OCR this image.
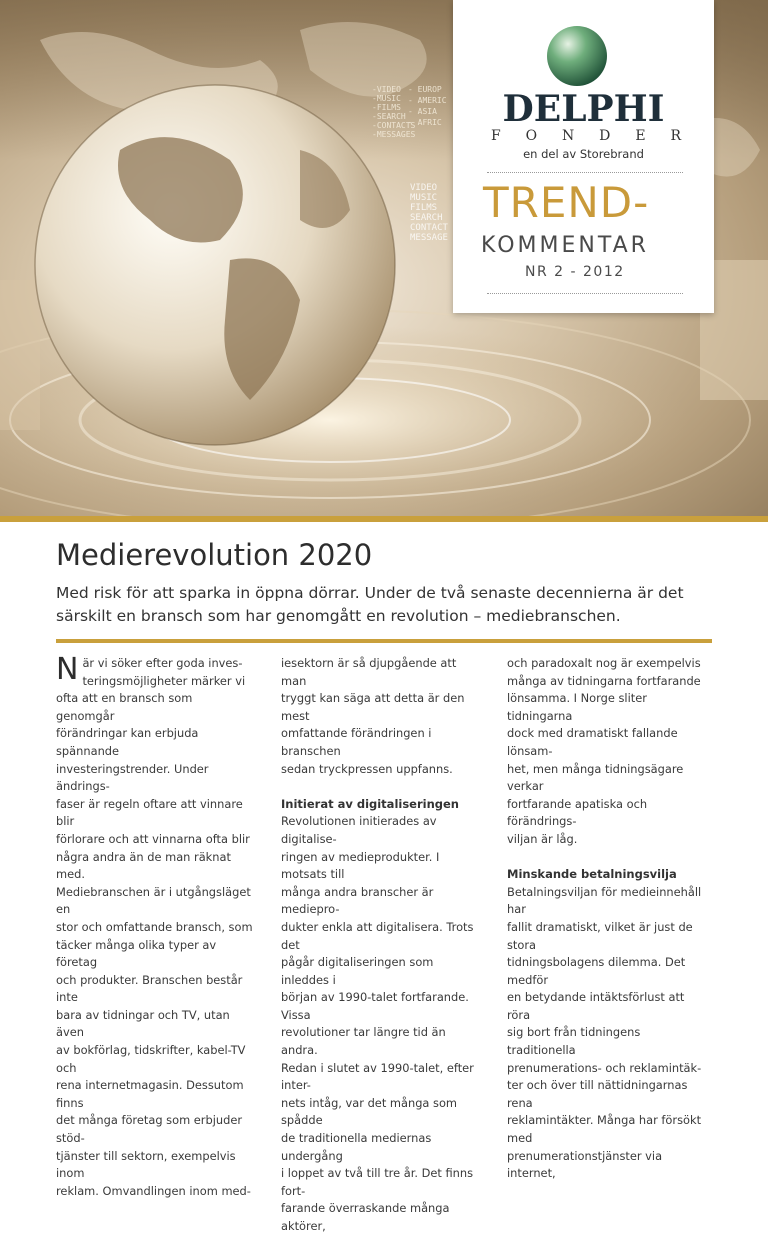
-VIDEO -MUSIC -FILMS -SEARCH -CONTACTS -MESSAGES
- EUROP - AMERIC - ASIA - AFRIC
VIDEO MUSIC FILMS SEARCH CONTACT MESSAGE
DELPHI
F O N D E R
en del av Storebrand
TREND-
KOMMENTAR
NR 2 - 2012
Medierevolution 2020

Med risk för att sparka in öppna dörrar. Under de två senaste decennierna är det särskilt en bransch som har genomgått en revolution – mediebranschen.

N är vi söker efter goda inves-

teringsmöjligheter märker vi

ofta att en bransch som genomgår

förändringar kan erbjuda spännande

investeringstrender. Under ändrings-

faser är regeln oftare att vinnare blir

förlorare och att vinnarna ofta blir

några andra än de man räknat med.

Mediebranschen är i utgångsläget en

stor och omfattande bransch, som

täcker många olika typer av företag

och produkter. Branschen består inte

bara av tidningar och TV, utan även

av bokförlag, tidskrifter, kabel-TV och

rena internetmagasin. Dessutom finns

det många företag som erbjuder stöd-

tjänster till sektorn, exempelvis inom

reklam. Omvandlingen inom med-

iesektorn är så djupgående att man

tryggt kan säga att detta är den mest

omfattande förändringen i branschen

sedan tryckpressen uppfanns.

Initierat av digitaliseringen

Revolutionen initierades av digitalise-

ringen av medieprodukter. I motsats till

många andra branscher är mediepro-

dukter enkla att digitalisera. Trots det

pågår digitaliseringen som inleddes i

början av 1990-talet fortfarande. Vissa

revolutioner tar längre tid än andra.

Redan i slutet av 1990-talet, efter inter-

nets intåg, var det många som spådde

de traditionella mediernas undergång

i loppet av två till tre år. Det finns fort-

farande överraskande många aktörer,

och paradoxalt nog är exempelvis

många av tidningarna fortfarande

lönsamma. I Norge sliter tidningarna

dock med dramatiskt fallande lönsam-

het, men många tidningsägare verkar

fortfarande apatiska och förändrings-

viljan är låg.

Minskande betalningsvilja

Betalningsviljan för medieinnehåll har

fallit dramatiskt, vilket är just de stora

tidningsbolagens dilemma. Det medför

en betydande intäktsförlust att röra

sig bort från tidningens traditionella

prenumerations- och reklamintäk-

ter och över till nättidningarnas rena

reklamintäkter. Många har försökt med

prenumerationstjänster via internet,
